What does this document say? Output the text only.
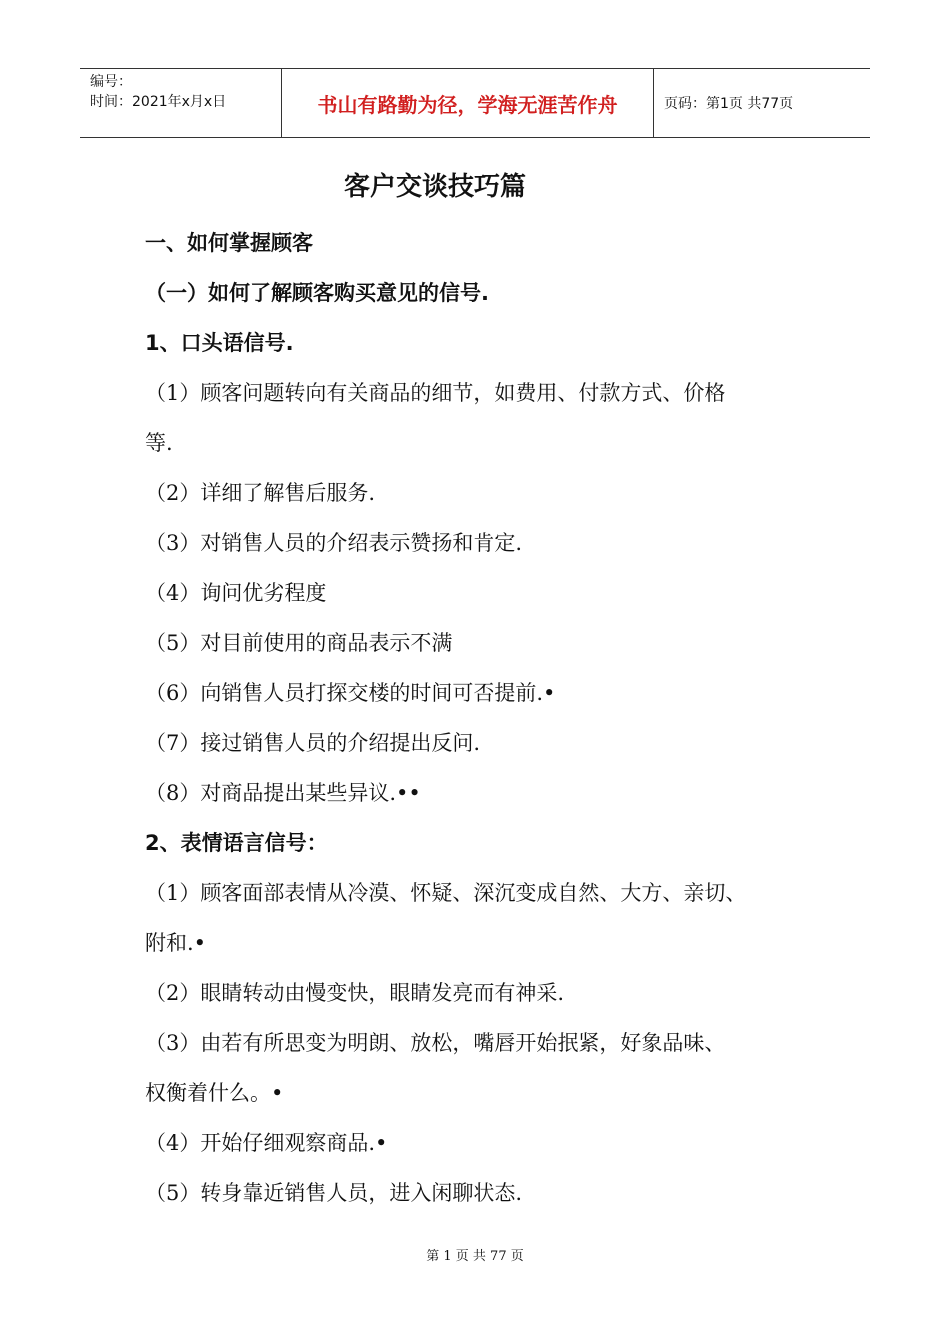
编号：
时间：2021年x月x日	书山有路勤为径，学海无涯苦作舟	页码：第1页 共77页
客户交谈技巧篇
一、如何掌握顾客
（一）如何了解顾客购买意见的信号.
1、口头语信号.
（1）顾客问题转向有关商品的细节，如费用、付款方式、价格
等.
（2）详细了解售后服务.
（3）对销售人员的介绍表示赞扬和肯定.
（4）询问优劣程度
（5）对目前使用的商品表示不满
（6）向销售人员打探交楼的时间可否提前.•
（7）接过销售人员的介绍提出反问.
（8）对商品提出某些异议.••
2、表情语言信号：
（1）顾客面部表情从冷漠、怀疑、深沉变成自然、大方、亲切、
附和.•
（2）眼睛转动由慢变快，眼睛发亮而有神采.
（3）由若有所思变为明朗、放松，嘴唇开始抿紧，好象品味、
权衡着什么。•
（4）开始仔细观察商品.•
（5）转身靠近销售人员，进入闲聊状态.
第 1 页 共 77 页
